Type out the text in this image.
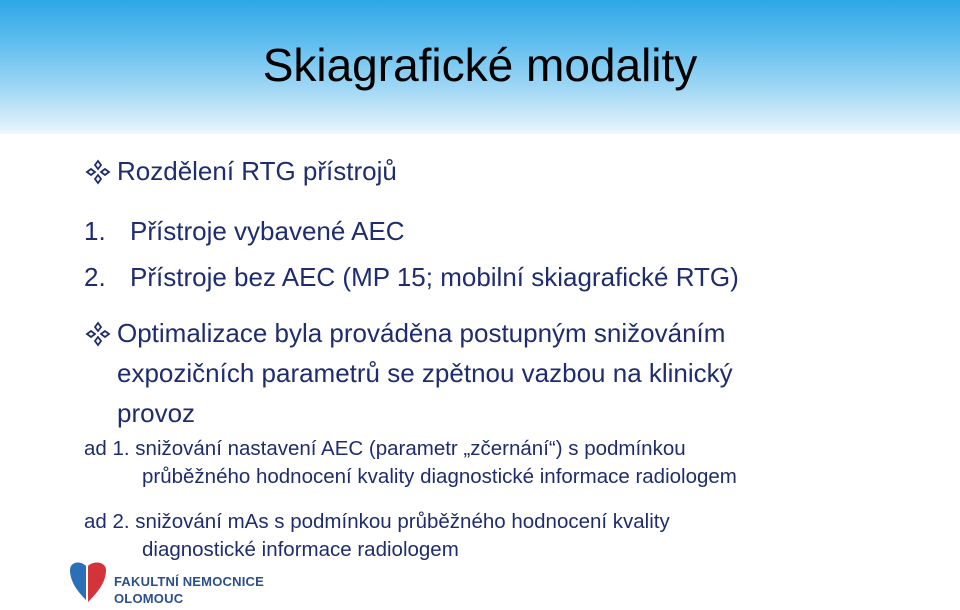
Skiagrafické modality
Rozdělení RTG přístrojů
1. Přístroje vybavené AEC
2. Přístroje bez AEC (MP 15; mobilní skiagrafické RTG)
Optimalizace byla prováděna postupným snižováním
expozičních parametrů se zpětnou vazbou na klinický
provoz
ad 1. snižování nastavení AEC (parametr „zčernání“) s podmínkou
průběžného hodnocení kvality diagnostické informace radiologem
ad 2. snižování mAs s podmínkou průběžného hodnocení kvality
diagnostické informace radiologem
FAKULTNÍ NEMOCNICE
OLOMOUC
